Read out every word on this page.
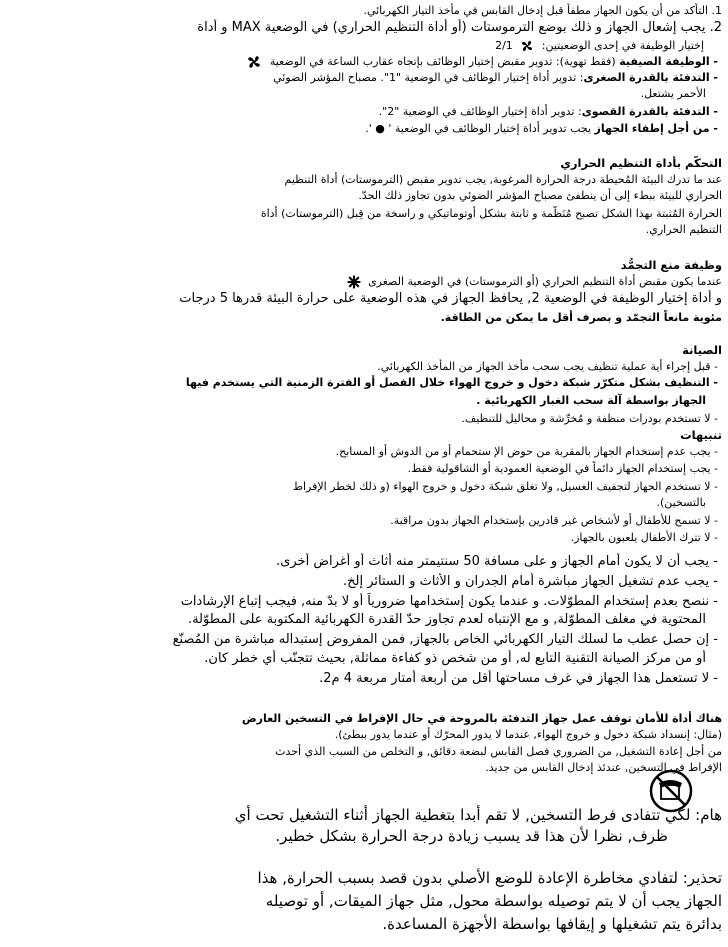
1. التأكد من أن يكون الجهاز مطفأ قبل إدخال القابس في مأخذ التيار الكهربائي.
2. يجب إشعال الجهاز و ذلك بوضع الترموستات (أو أداة التنظيم الحراري) في الوضعية MAX و أداة
إختيار الوظيفة في إحدى الوضعيتين:  2/1
- الوظيفة الصيفية (فقط تهوية): تدوير مقبض إختيار الوظائف بإتجاه عقارب الساعة في الوضعية
- التدفئة بالقدرة الصغرى: تدوير أداة إختيار الوظائف في الوضعية "1". مصباح المؤشر الضوئي
الأحمر يشتعل.
- التدفئة بالقدرة القصوى: تدوير أداة إختيار الوظائف في الوضعية "2".
- من أجل إطفاء الجهاز يجب تدوير أداة إختيار الوظائف في الوضعية ' ● '.
التحكّم بأداة التنظيم الحراري
عند ما تدرك البيئة المُحيطة درجة الحرارة المرغوبة, يجب تدوير مقبض (الترموستات) أداة التنظيم
الحراري للبيئة ببطء إلى أن ينطفئ مصباح المؤشر الضوئي بدون تجاوز ذلك الحدّ.
الحرارة المُثبتة بهذا الشكل تصبح مُنَظّمة و ثابتة بشكل أوتوماتيكي و راسخة من قِبل (الترموستات) أداة
التنظيم الحراري.
وظيفة منع التجمُّد
عندما يكون مقبض أداة التنظيم الحراري (أو الترموستات) في الوضعية الصغرى
و أداة إختيار الوظيفة في الوضعية 2, يحافظ الجهاز في هذه الوضعية على حرارة البيئة قدرها 5 درجات
مئوية مانعاً التجمّد و بصرف أقل ما يمكن من الطاقة.
الصيانة
- قبل إجراء أية عملية تنظيف يجب سحب مأخذ الجهاز من المأخذ الكهربائي.
- التنظيف بشكل متكرّر شبكة دخول و خروج الهواء خلال الفصل أو الفترة الزمنية التي يستخدم فيها
الجهاز بواسطة آلة سحب الغبار الكهربائية .
- لا تستخدم بودرات منظفة و مُخرِّشة و محاليل للتنظيف.
تنبيهات
- يجب عدم إستخدام الجهاز بالمقربة من حوض الإ ستحمام أو من الدوش أو المسابح.
- يجب إستخدام الجهاز دائماً في الوضعية العمودية أو الشاقولية فقط.
- لا تستخدم الجهاز لتجفيف الغسيل, ولا تغلق شبكة دخول و خروج الهواء (و ذلك لخطر الإفراط
بالتسخين).
- لا تسمح للأطفال أو لأشخاص غير قادرين بإستخدام الجهاز بدون مراقبة.
- لا تترك الأطفال يلعبون بالجهاز.
- يجب أن لا يكون أمام الجهاز و على مسافة 50 سنتيمتر منه أثاث أو أغراض أخرى.
- يجب عدم تشغيل الجهاز مباشرة أمام الجدران و الأثاث و الستائر إلخ.
- ننصح بعدم إستخدام المطوّلات. و عندما يكون إستخدامها ضرورياً أو لا بدّ منه, فيجب إتباع الإرشادات
المحتوية في مغلف المطوّلة, و مع الإنتباه لعدم تجاوز حدّ القدرة الكهربائية المكتوبة على المطوّلة.
- إن حصل عطب ما لسلك التيار الكهربائي الخاص بالجهاز, فمن المفروض إستبداله مباشرة من المُصنّع
أو من مركز الصيانة التقنية التابع له, أو من شخص ذو كفاءة مماثلة, بحيث تتجنّب أي خطر كان.
- لا تستعمل هذا الجهاز في غرف مساحتها أقل من أربعة أمتار مربعة 4 م2.
هناك أداة للأمان توقف عمل جهاز التدفئة بالمروحة في حال الإفراط في التسخين العارض
(مثال: إنسداد شبكة دخول و خروج الهواء, عندما لا يدور المحرّك أو عندما يدور ببطئ).
من أجل إعادة التشغيل, من الضروري فصل القابس لبضعة دقائق, و التخلص من السبب الذي أحدث
الإفراط في التسخين, عندئذ إدخال القابس من جديد.
هام: لكي تتفادى فرط التسخين, لا تقم أبدا بتغطية الجهاز أثناء التشغيل تحت أي
ظرف, نظرا لأن هذا قد يسبب زيادة درجة الحرارة بشكل خطير.
تحذير: لتفادي مخاطرة الإعادة للوضع الأصلي بدون قصد بسبب الحرارة, هذا
الجهاز يجب أن لا يتم توصيله بواسطة محول, مثل جهاز الميقات, أو توصيله
بدائرة يتم تشغيلها و إيقافها بواسطة الأجهزة المساعدة.
